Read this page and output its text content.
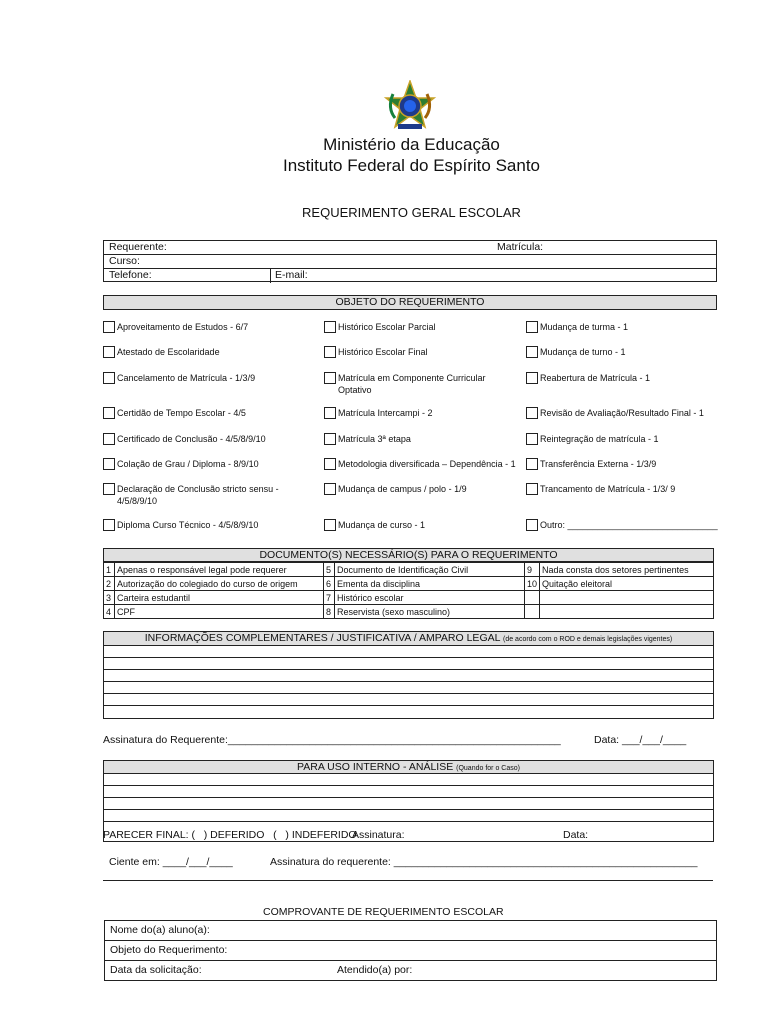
Ministério da Educação
Instituto Federal do Espírito Santo
REQUERIMENTO GERAL ESCOLAR
Requerente:	Matrícula:
Curso:
Telefone:	E-mail:
OBJETO DO REQUERIMENTO
Aproveitamento de Estudos - 6/7
Atestado de Escolaridade
Cancelamento de Matrícula - 1/3/9
Certidão de Tempo Escolar - 4/5
Certificado de Conclusão - 4/5/8/9/10
Colação de Grau / Diploma - 8/9/10
Declaração de Conclusão stricto sensu -
4/5/8/9/10
Diploma Curso Técnico - 4/5/8/9/10
Histórico Escolar Parcial
Histórico Escolar Final
Matrícula em Componente Curricular
Optativo
Matrícula Intercampi - 2
Matrícula 3ª etapa
Metodologia diversificada – Dependência - 1
Mudança de campus / polo - 1/9
Mudança de curso - 1
Mudança de turma - 1
Mudança de turno - 1
Reabertura de Matrícula - 1
Revisão de Avaliação/Resultado Final - 1
Reintegração de matrícula - 1
Transferência Externa - 1/3/9
Trancamento de Matrícula - 1/3/ 9
Outro: ______________________________
DOCUMENTO(S) NECESSÁRIO(S) PARA O REQUERIMENTO
1	Apenas o responsável legal pode requerer	5	Documento de Identificação Civil	9	Nada consta dos setores pertinentes
2	Autorização do colegiado do curso de origem	6	Ementa da disciplina	10	Quitação eleitoral
3	Carteira estudantil	7	Histórico escolar		
4	CPF	8	Reservista (sexo masculino)		
INFORMAÇÕES COMPLEMENTARES / JUSTIFICATIVA / AMPARO LEGAL (de acordo com o ROD e demais legislações vigentes)
Assinatura do Requerente:_________________________________________________________	Data: ___/___/____
PARA USO INTERNO - ANÁLISE (Quando for o Caso)
PARECER FINAL: (   ) DEFERIDO   (   ) INDEFERIDO
Assinatura:	Data:
Ciente em: ____/___/____	Assinatura do requerente: ____________________________________________________
COMPROVANTE DE REQUERIMENTO ESCOLAR
Nome do(a) aluno(a):
Objeto do Requerimento:
Data da solicitação:	Atendido(a) por:
